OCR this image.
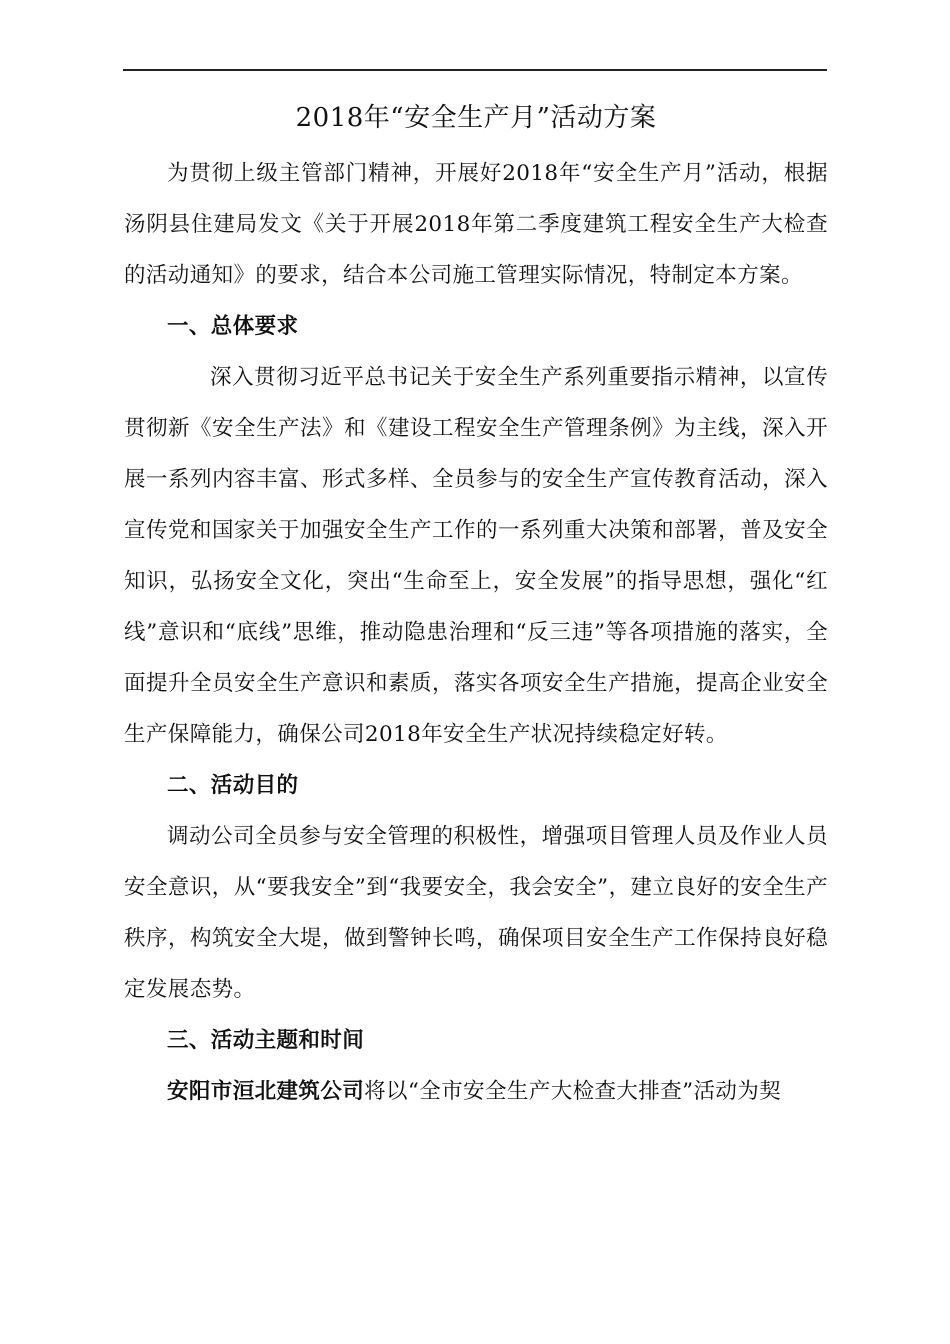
2018年“安全生产月”活动方案

为贯彻上级主管部门精神，开展好2018年“安全生产月”活动，根据汤阴县住建局发文《关于开展2018年第二季度建筑工程安全生产大检查的活动通知》的要求，结合本公司施工管理实际情况，特制定本方案。

一、总体要求

深入贯彻习近平总书记关于安全生产系列重要指示精神，以宣传贯彻新《安全生产法》和《建设工程安全生产管理条例》为主线，深入开展一系列内容丰富、形式多样、全员参与的安全生产宣传教育活动，深入宣传党和国家关于加强安全生产工作的一系列重大决策和部署，普及安全知识，弘扬安全文化，突出“生命至上，安全发展”的指导思想，强化“红线”意识和“底线”思维，推动隐患治理和“反三违”等各项措施的落实，全面提升全员安全生产意识和素质，落实各项安全生产措施，提高企业安全生产保障能力，确保公司2018年安全生产状况持续稳定好转。

二、活动目的

调动公司全员参与安全管理的积极性，增强项目管理人员及作业人员安全意识，从“要我安全”到“我要安全，我会安全”，建立良好的安全生产秩序，构筑安全大堤，做到警钟长鸣，确保项目安全生产工作保持良好稳定发展态势。

三、活动主题和时间

安阳市洹北建筑公司将以“全市安全生产大检查大排查”活动为契
